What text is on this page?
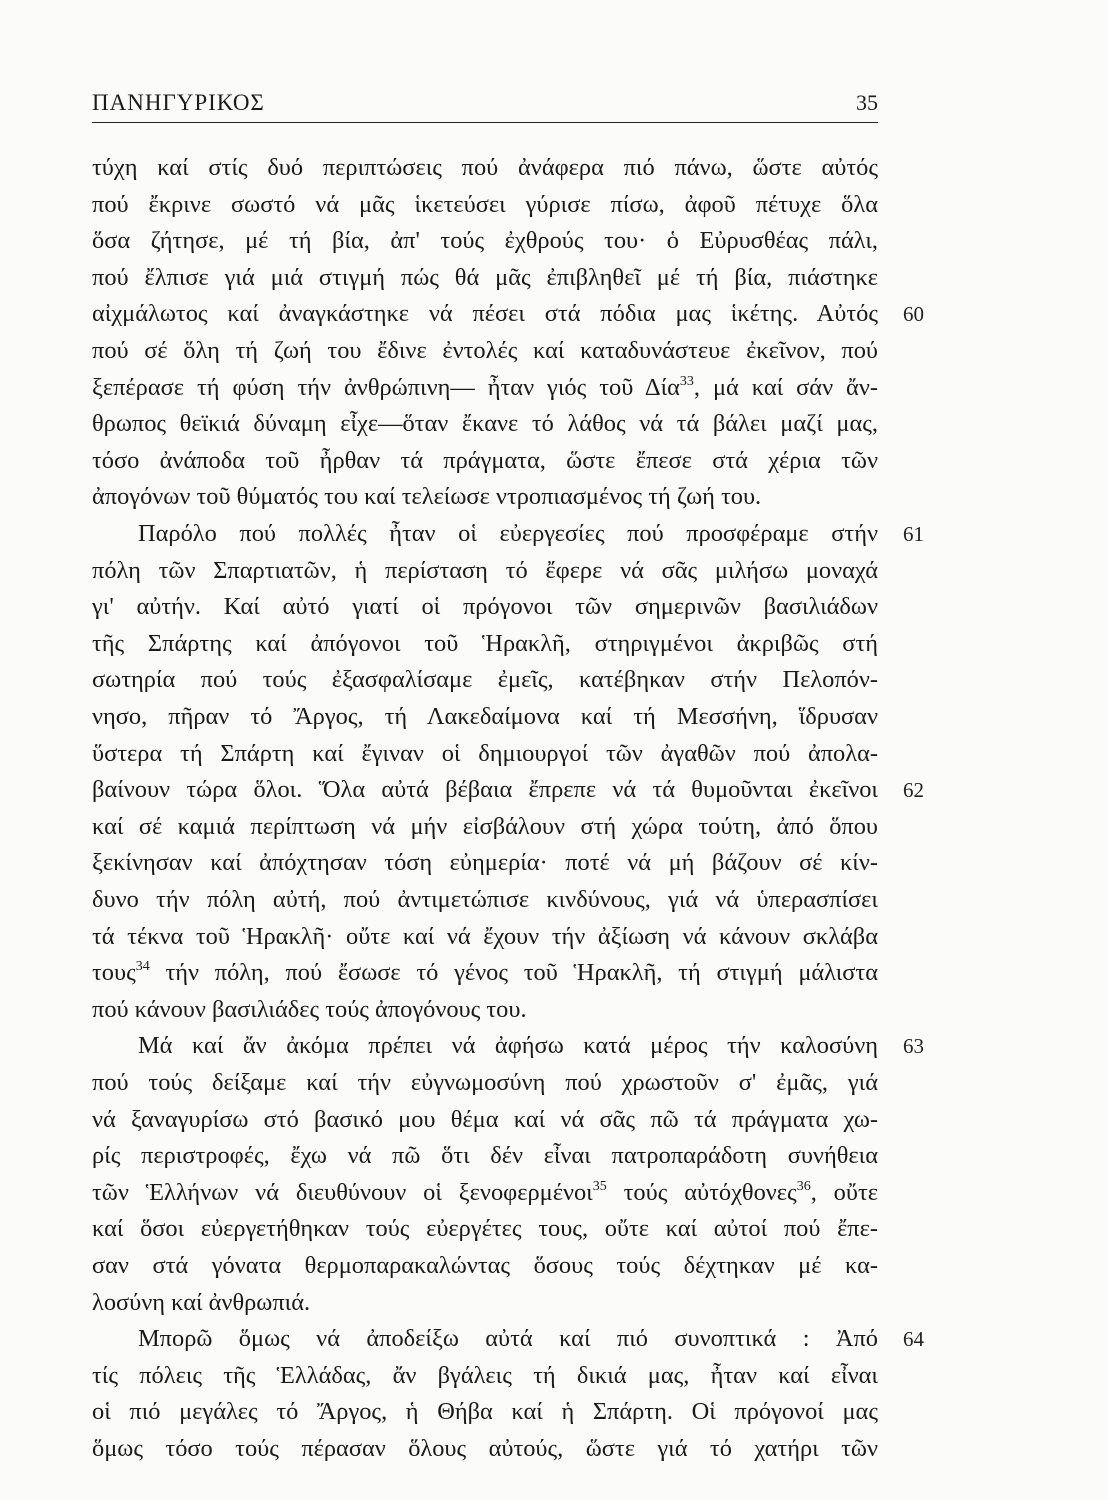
ΠΑΝΗΓΥΡΙΚΟΣ	35
τύχη καί στίς δυό περιπτώσεις πού ἀνάφερα πιό πάνω, ὥστε αὐτός
πού ἔκρινε σωστό νά μᾶς ἱκετεύσει γύρισε πίσω, ἀφοῦ πέτυχε ὅλα
ὅσα ζήτησε, μέ τή βία, ἀπ' τούς ἐχθρούς του· ὁ Εὐρυσθέας πάλι,
πού ἔλπισε γιά μιά στιγμή πώς θά μᾶς ἐπιβληθεῖ μέ τή βία, πιάστηκε
αἰχμάλωτος καί ἀναγκάστηκε νά πέσει στά πόδια μας ἱκέτης. Αὐτός
πού σέ ὅλη τή ζωή του ἔδινε ἐντολές καί καταδυνάστευε ἐκεῖνον, πού
ξεπέρασε τή φύση τήν ἀνθρώπινη— ἦταν γιός τοῦ Δία$^{33}$, μά καί σάν ἄν-
θρωπος θεϊκιά δύναμη εἶχε—ὅταν ἔκανε τό λάθος νά τά βάλει μαζί μας,
τόσο ἀνάποδα τοῦ ἦρθαν τά πράγματα, ὥστε ἔπεσε στά χέρια τῶν
ἀπογόνων τοῦ θύματός του καί τελείωσε ντροπιασμένος τή ζωή του.
Παρόλο πού πολλές ἦταν οἱ εὐεργεσίες πού προσφέραμε στήν
πόλη τῶν Σπαρτιατῶν, ἡ περίσταση τό ἔφερε νά σᾶς μιλήσω μοναχά
γι' αὐτήν. Καί αὐτό γιατί οἱ πρόγονοι τῶν σημερινῶν βασιλιάδων
τῆς Σπάρτης καί ἀπόγονοι τοῦ Ἡρακλῆ, στηριγμένοι ἀκριβῶς στή
σωτηρία πού τούς ἐξασφαλίσαμε ἐμεῖς, κατέβηκαν στήν Πελοπόν-
νησο, πῆραν τό Ἄργος, τή Λακεδαίμονα καί τή Μεσσήνη, ἵδρυσαν
ὕστερα τή Σπάρτη καί ἔγιναν οἱ δημιουργοί τῶν ἀγαθῶν πού ἀπολα-
βαίνουν τώρα ὅλοι. Ὅλα αὐτά βέβαια ἔπρεπε νά τά θυμοῦνται ἐκεῖνοι
καί σέ καμιά περίπτωση νά μήν εἰσβάλουν στή χώρα τούτη, ἀπό ὅπου
ξεκίνησαν καί ἀπόχτησαν τόση εὐημερία· ποτέ νά μή βάζουν σέ κίν-
δυνο τήν πόλη αὐτή, πού ἀντιμετώπισε κινδύνους, γιά νά ὑπερασπίσει
τά τέκνα τοῦ Ἡρακλῆ· οὔτε καί νά ἔχουν τήν ἀξίωση νά κάνουν σκλάβα
τους$^{34}$ τήν πόλη, πού ἔσωσε τό γένος τοῦ Ἡρακλῆ, τή στιγμή μάλιστα
πού κάνουν βασιλιάδες τούς ἀπογόνους του.
Μά καί ἄν ἀκόμα πρέπει νά ἀφήσω κατά μέρος τήν καλοσύνη
πού τούς δείξαμε καί τήν εὐγνωμοσύνη πού χρωστοῦν σ' ἐμᾶς, γιά
νά ξαναγυρίσω στό βασικό μου θέμα καί νά σᾶς πῶ τά πράγματα χω-
ρίς περιστροφές, ἔχω νά πῶ ὅτι δέν εἶναι πατροπαράδοτη συνήθεια
τῶν Ἑλλήνων νά διευθύνουν οἱ ξενοφερμένοι$^{35}$ τούς αὐτόχθονες$^{36}$, οὔτε
καί ὅσοι εὐεργετήθηκαν τούς εὐεργέτες τους, οὔτε καί αὐτοί πού ἔπε-
σαν στά γόνατα θερμοπαρακαλώντας ὅσους τούς δέχτηκαν μέ κα-
λοσύνη καί ἀνθρωπιά.
Μπορῶ ὅμως νά ἀποδείξω αὐτά καί πιό συνοπτικά : Ἀπό
τίς πόλεις τῆς Ἑλλάδας, ἄν βγάλεις τή δικιά μας, ἦταν καί εἶναι
οἱ πιό μεγάλες τό Ἄργος, ἡ Θήβα καί ἡ Σπάρτη. Οἱ πρόγονοί μας
ὅμως τόσο τούς πέρασαν ὅλους αὐτούς, ὥστε γιά τό χατήρι τῶν
60
61
62
63
64
